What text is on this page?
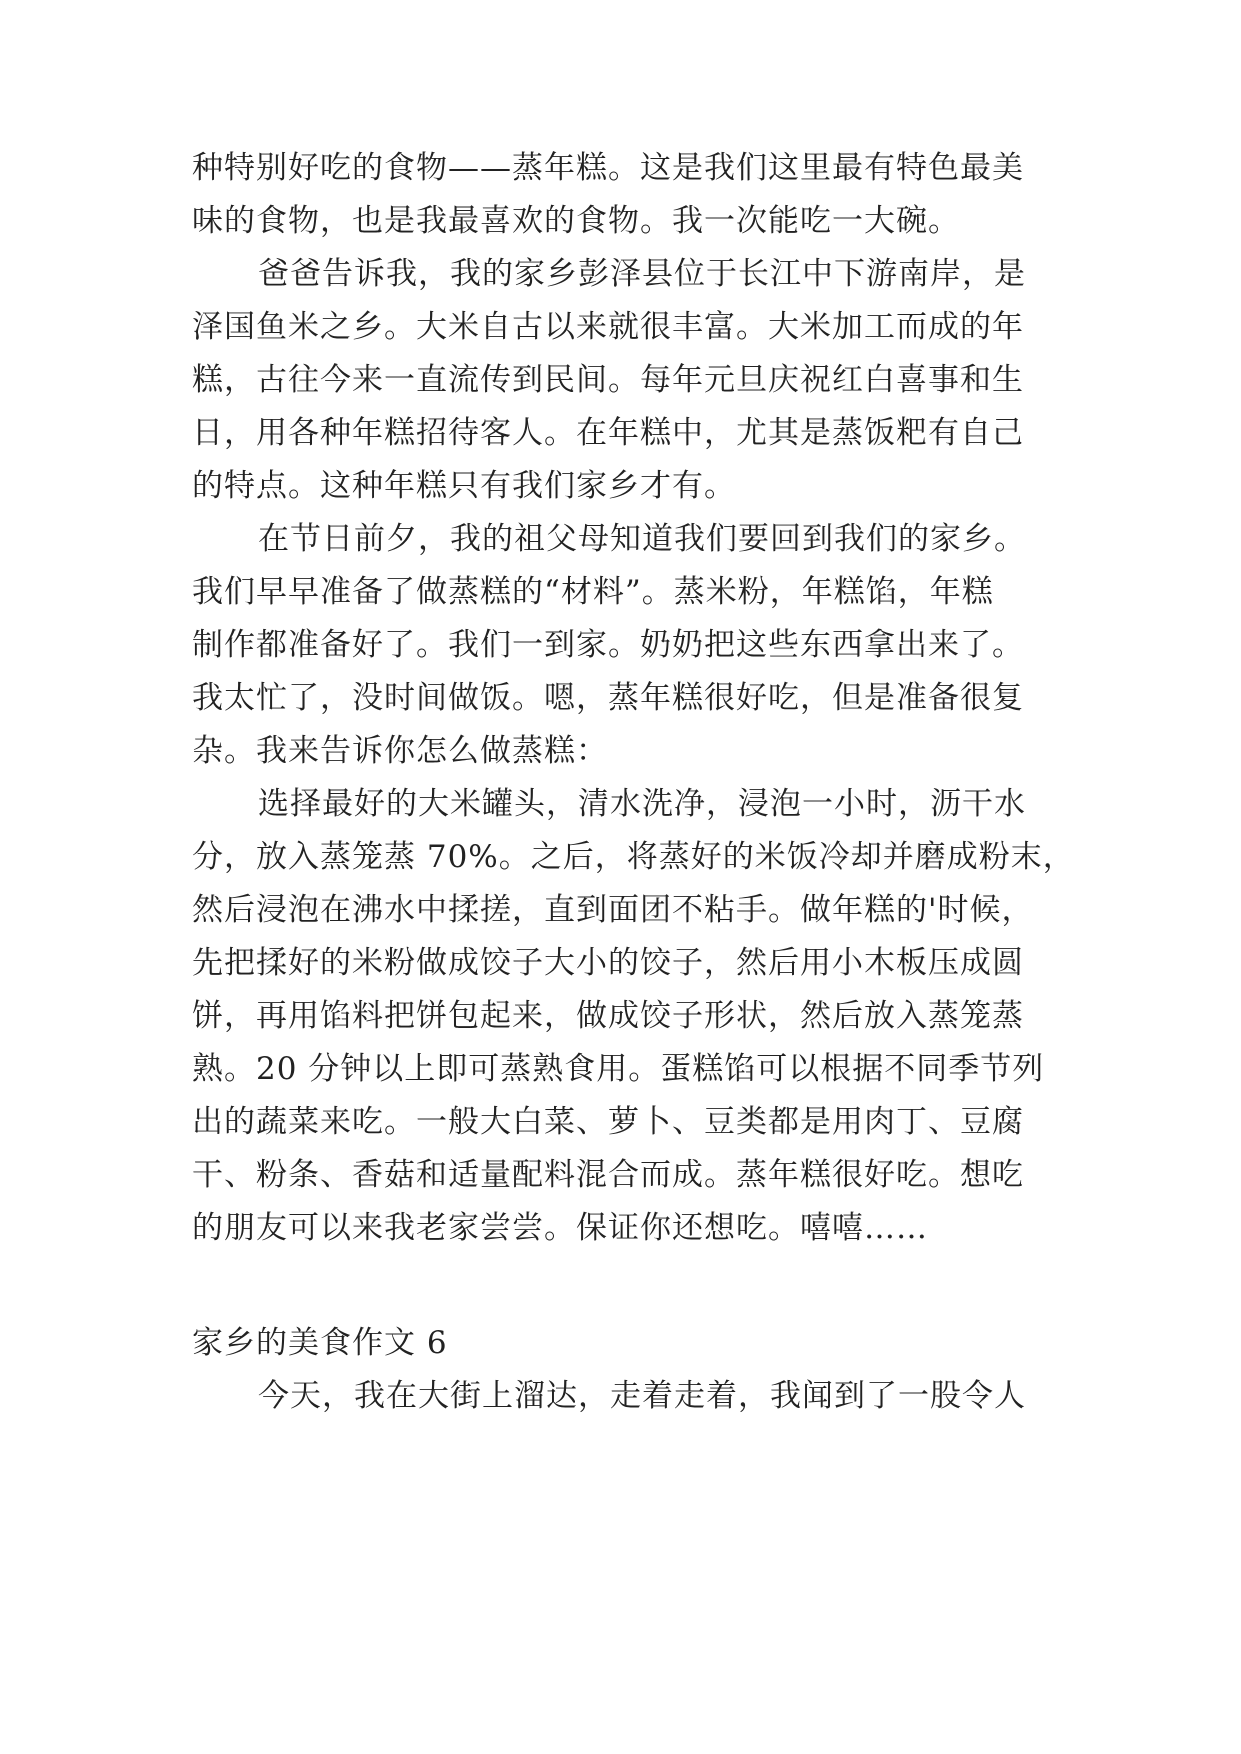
种特别好吃的食物——蒸年糕。这是我们这里最有特色最美
味的食物，也是我最喜欢的食物。我一次能吃一大碗。
爸爸告诉我，我的家乡彭泽县位于长江中下游南岸，是
泽国鱼米之乡。大米自古以来就很丰富。大米加工而成的年
糕，古往今来一直流传到民间。每年元旦庆祝红白喜事和生
日，用各种年糕招待客人。在年糕中，尤其是蒸饭粑有自己
的特点。这种年糕只有我们家乡才有。
在节日前夕，我的祖父母知道我们要回到我们的家乡。
我们早早准备了做蒸糕的“材料”。蒸米粉，年糕馅，年糕
制作都准备好了。我们一到家。奶奶把这些东西拿出来了。
我太忙了，没时间做饭。嗯，蒸年糕很好吃，但是准备很复
杂。我来告诉你怎么做蒸糕：
选择最好的大米罐头，清水洗净，浸泡一小时，沥干水
分，放入蒸笼蒸 70%。之后，将蒸好的米饭冷却并磨成粉末，
然后浸泡在沸水中揉搓，直到面团不粘手。做年糕的'时候，
先把揉好的米粉做成饺子大小的饺子，然后用小木板压成圆
饼，再用馅料把饼包起来，做成饺子形状，然后放入蒸笼蒸
熟。20 分钟以上即可蒸熟食用。蛋糕馅可以根据不同季节列
出的蔬菜来吃。一般大白菜、萝卜、豆类都是用肉丁、豆腐
干、粉条、香菇和适量配料混合而成。蒸年糕很好吃。想吃
的朋友可以来我老家尝尝。保证你还想吃。嘻嘻……
家乡的美食作文 6
今天，我在大街上溜达，走着走着，我闻到了一股令人
